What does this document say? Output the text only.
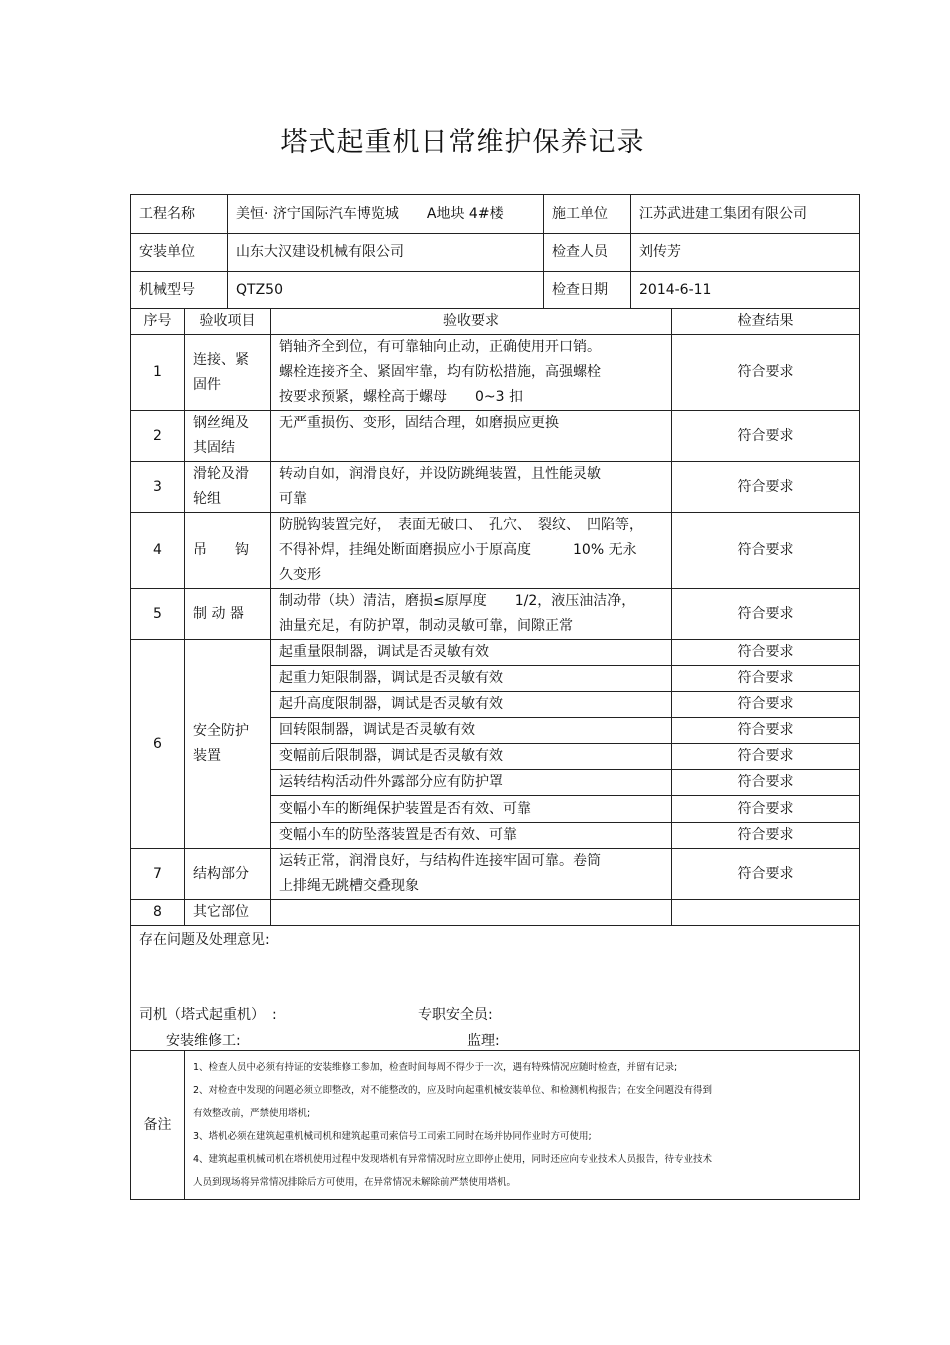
塔式起重机日常维护保养记录
工程名称	美恒· 济宁国际汽车博览城　　A地块 4#楼	施工单位	江苏武进建工集团有限公司
安装单位	山东大汉建设机械有限公司	检查人员	刘传芳
机械型号	QTZ50	检查日期	2014-6-11
序号	验收项目	验收要求	检查结果
1	连接、紧
固件	销轴齐全到位，有可靠轴向止动，正确使用开口销。
螺栓连接齐全、紧固牢靠，均有防松措施，高强螺栓
按要求预紧，螺栓高于螺母　　0~3 扣	符合要求
2	钢丝绳及
其固结	无严重损伤、变形，固结合理，如磨损应更换	符合要求
3	滑轮及滑
轮组	转动自如，润滑良好，并设防跳绳装置，且性能灵敏
可靠	符合要求
4	吊　　钩	防脱钩装置完好，　表面无破口、　孔穴、　裂纹、　凹陷等，
不得补焊，挂绳处断面磨损应小于原高度　　　10% 无永
久变形	符合要求
5	制 动 器	制动带（块）清洁，磨损≤原厚度　　1/2，液压油洁净，
油量充足，有防护罩，制动灵敏可靠，间隙正常	符合要求
6	安全防护
装置	起重量限制器，调试是否灵敏有效	符合要求
		起重力矩限制器，调试是否灵敏有效	符合要求
		起升高度限制器，调试是否灵敏有效	符合要求
		回转限制器，调试是否灵敏有效	符合要求
		变幅前后限制器，调试是否灵敏有效	符合要求
		运转结构活动件外露部分应有防护罩	符合要求
		变幅小车的断绳保护装置是否有效、可靠	符合要求
		变幅小车的防坠落装置是否有效、可靠	符合要求
7	结构部分	运转正常，润滑良好，与结构件连接牢固可靠。卷筒
上排绳无跳槽交叠现象	符合要求
8	其它部位		

存在问题及处理意见:
司机（塔式起重机）　: 专职安全员:
安装维修工: 监理:			
备注	
1、检查人员中必须有持证的安装维修工参加，检查时间每周不得少于一次，遇有特殊情况应随时检查，并留有记录;
2、对检查中发现的问题必须立即整改，对不能整改的，应及时向起重机械安装单位、和检测机构报告；在安全问题没有得到
有效整改前，严禁使用塔机;
3、塔机必须在建筑起重机械司机和建筑起重司索信号工司索工同时在场并协同作业时方可使用;
4、建筑起重机械司机在塔机使用过程中发现塔机有异常情况时应立即停止使用，同时还应向专业技术人员报告，待专业技术
人员到现场将异常情况排除后方可使用，在异常情况未解除前严禁使用塔机。
